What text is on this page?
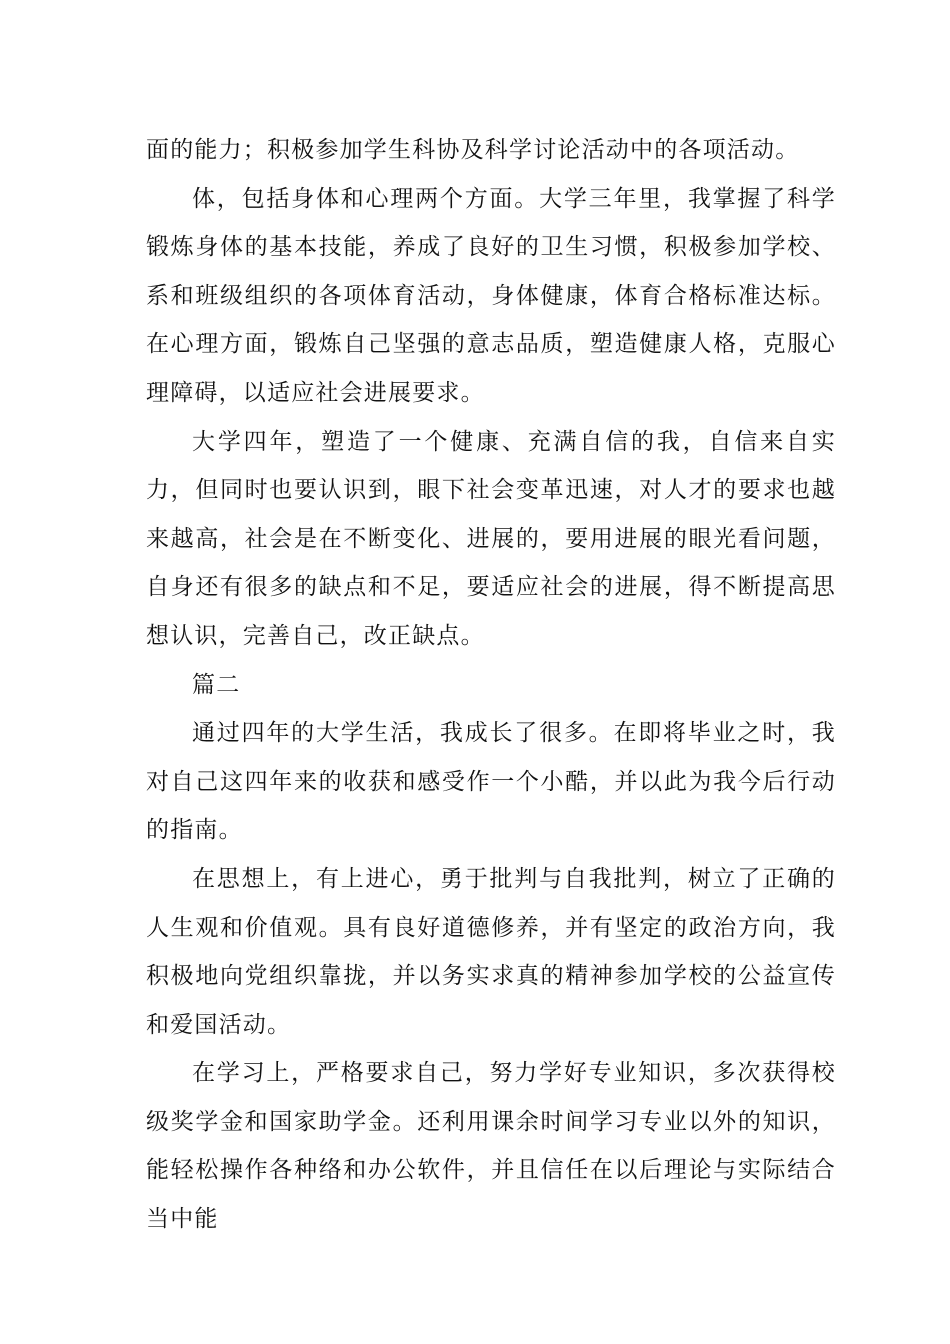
面的能力；积极参加学生科协及科学讨论活动中的各项活动。

体，包括身体和心理两个方面。大学三年里，我掌握了科学锻炼身体的基本技能，养成了良好的卫生习惯，积极参加学校、系和班级组织的各项体育活动，身体健康，体育合格标准达标。在心理方面，锻炼自己坚强的意志品质，塑造健康人格，克服心理障碍，以适应社会进展要求。

大学四年，塑造了一个健康、充满自信的我，自信来自实力，但同时也要认识到，眼下社会变革迅速，对人才的要求也越来越高，社会是在不断变化、进展的，要用进展的眼光看问题，自身还有很多的缺点和不足，要适应社会的进展，得不断提高思想认识，完善自己，改正缺点。

篇二

通过四年的大学生活，我成长了很多。在即将毕业之时，我对自己这四年来的收获和感受作一个小酷，并以此为我今后行动的指南。

在思想上，有上进心，勇于批判与自我批判，树立了正确的人生观和价值观。具有良好道德修养，并有坚定的政治方向，我积极地向党组织靠拢，并以务实求真的精神参加学校的公益宣传和爱国活动。

在学习上，严格要求自己，努力学好专业知识，多次获得校级奖学金和国家助学金。还利用课余时间学习专业以外的知识，能轻松操作各种络和办公软件，并且信任在以后理论与实际结合当中能
